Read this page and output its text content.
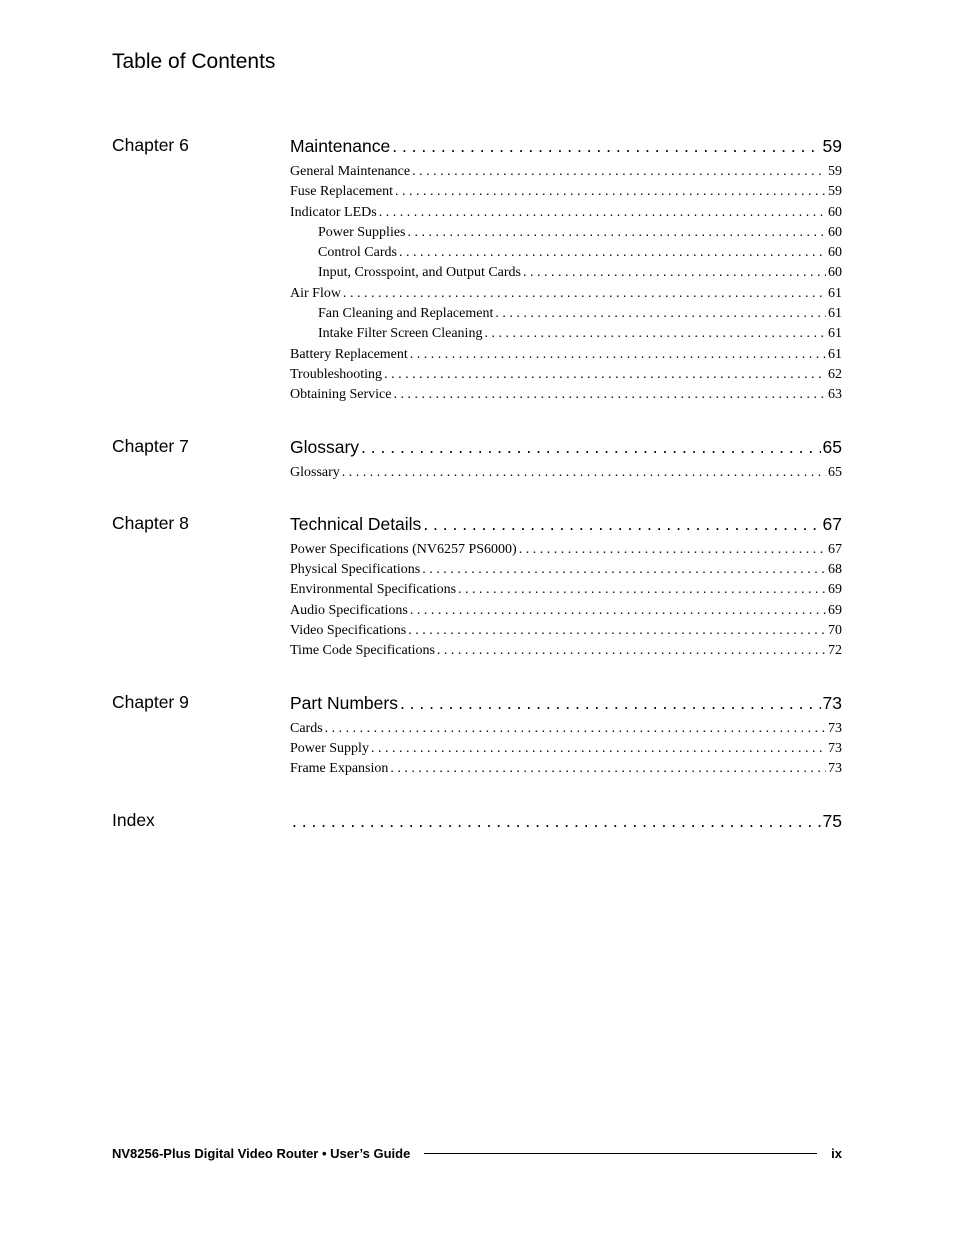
Table of Contents
Chapter 6	Maintenance . . .	59
General Maintenance . . .	59
Fuse Replacement . . .	59
Indicator LEDs . . .	60
Power Supplies . . .	60
Control Cards . . .	60
Input, Crosspoint, and Output Cards . . .	60
Air Flow . . .	61
Fan Cleaning and Replacement . . .	61
Intake Filter Screen Cleaning . . .	61
Battery Replacement . . .	61
Troubleshooting . . .	62
Obtaining Service . . .	63
Chapter 7	Glossary . . .	65
Glossary . . .	65
Chapter 8	Technical Details . . .	67
Power Specifications (NV6257 PS6000) . . .	67
Physical Specifications . . .	68
Environmental Specifications . . .	69
Audio Specifications . . .	69
Video Specifications . . .	70
Time Code Specifications . . .	72
Chapter 9	Part Numbers . . .	73
Cards . . .	73
Power Supply . . .	73
Frame Expansion . . .	73
Index . . .	75
NV8256-Plus Digital Video Router • User’s Guide	ix
